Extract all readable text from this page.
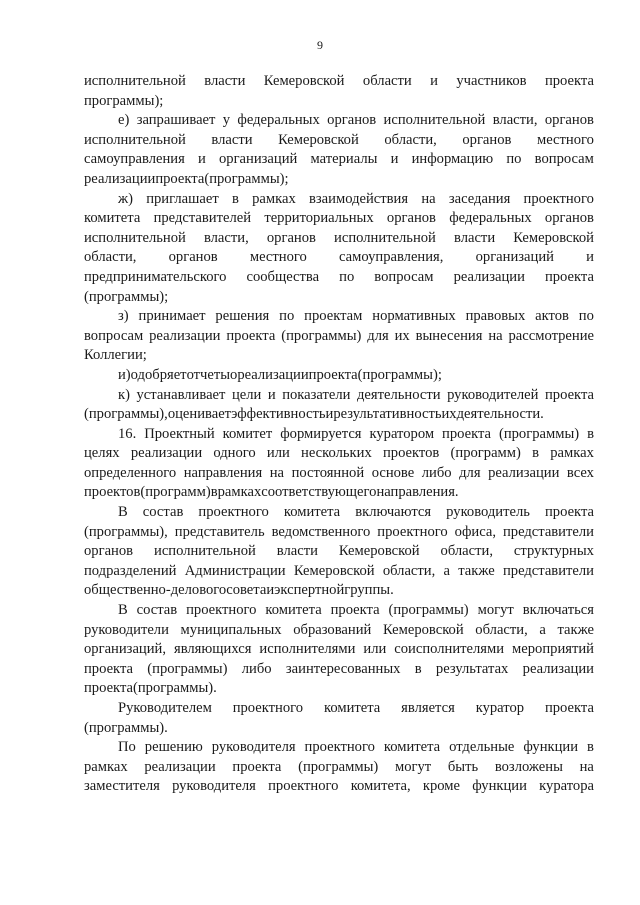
9
исполнительной власти Кемеровской области и участников проекта
программы);
е) запрашивает у федеральных органов исполнительной власти, органов
исполнительной власти Кемеровской области, органов местного
самоуправления и организаций материалы и информацию по вопросам
реализации проекта (программы);
ж) приглашает в рамках взаимодействия на заседания проектного
комитета представителей территориальных органов федеральных органов
исполнительной власти, органов исполнительной власти Кемеровской
области, органов местного самоуправления, организаций и
предпринимательского сообщества по вопросам реализации проекта
(программы);
з) принимает решения по проектам нормативных правовых актов по
вопросам реализации проекта (программы) для их вынесения на рассмотрение
Коллегии;
и) одобряет отчеты о реализации проекта (программы);
к) устанавливает цели и показатели деятельности руководителей проекта
(программы), оценивает эффективность и результативность их деятельности.
16. Проектный комитет формируется куратором проекта (программы) в
целях реализации одного или нескольких проектов (программ) в рамках
определенного направления на постоянной основе либо для реализации всех
проектов (программ) в рамках соответствующего направления.
В состав проектного комитета включаются руководитель проекта
(программы), представитель ведомственного проектного офиса, представители
органов исполнительной власти Кемеровской области, структурных
подразделений Администрации Кемеровской области, а также представители
общественно-делового совета и экспертной группы.
В состав проектного комитета проекта (программы) могут включаться
руководители муниципальных образований Кемеровской области, а также
организаций, являющихся исполнителями или соисполнителями мероприятий
проекта (программы) либо заинтересованных в результатах реализации
проекта (программы).
Руководителем проектного комитета является куратор проекта
(программы).
По решению руководителя проектного комитета отдельные функции в
рамках реализации проекта (программы) могут быть возложены на
заместителя руководителя проектного комитета, кроме функции куратора
